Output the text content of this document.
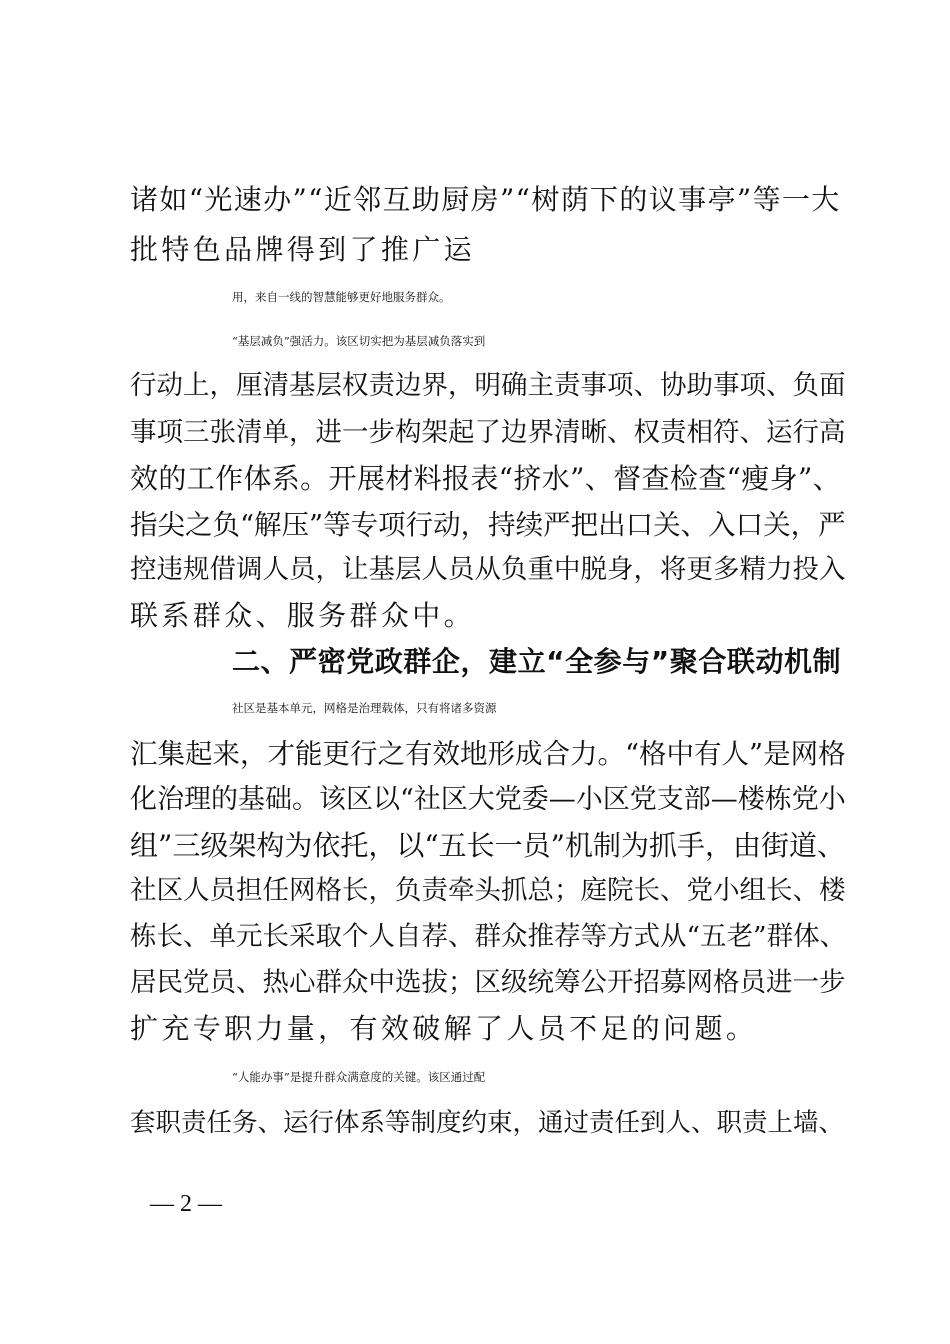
诸如“光速办”“近邻互助厨房”“树荫下的议事亭”等一大
批特色品牌得到了推广运
用，来自一线的智慧能够更好地服务群众。
“基层减负”强活力。该区切实把为基层减负落实到
行动上，厘清基层权责边界，明确主责事项、协助事项、负面
事项三张清单，进一步构架起了边界清晰、权责相符、运行高
效的工作体系。开展材料报表“挤水”、督查检查“瘦身”、
指尖之负“解压”等专项行动，持续严把出口关、入口关，严
控违规借调人员，让基层人员从负重中脱身，将更多精力投入
联系群众、服务群众中。
二、严密党政群企，建立“全参与”聚合联动机制
社区是基本单元，网格是治理载体，只有将诸多资源
汇集起来，才能更行之有效地形成合力。“格中有人”是网格
化治理的基础。该区以“社区大党委—小区党支部—楼栋党小
组”三级架构为依托，以“五长一员”机制为抓手，由街道、
社区人员担任网格长，负责牵头抓总；庭院长、党小组长、楼
栋长、单元长采取个人自荐、群众推荐等方式从“五老”群体、
居民党员、热心群众中选拔；区级统筹公开招募网格员进一步
扩充专职力量，有效破解了人员不足的问题。
“人能办事”是提升群众满意度的关键。该区通过配
套职责任务、运行体系等制度约束，通过责任到人、职责上墙、
— 2 —
